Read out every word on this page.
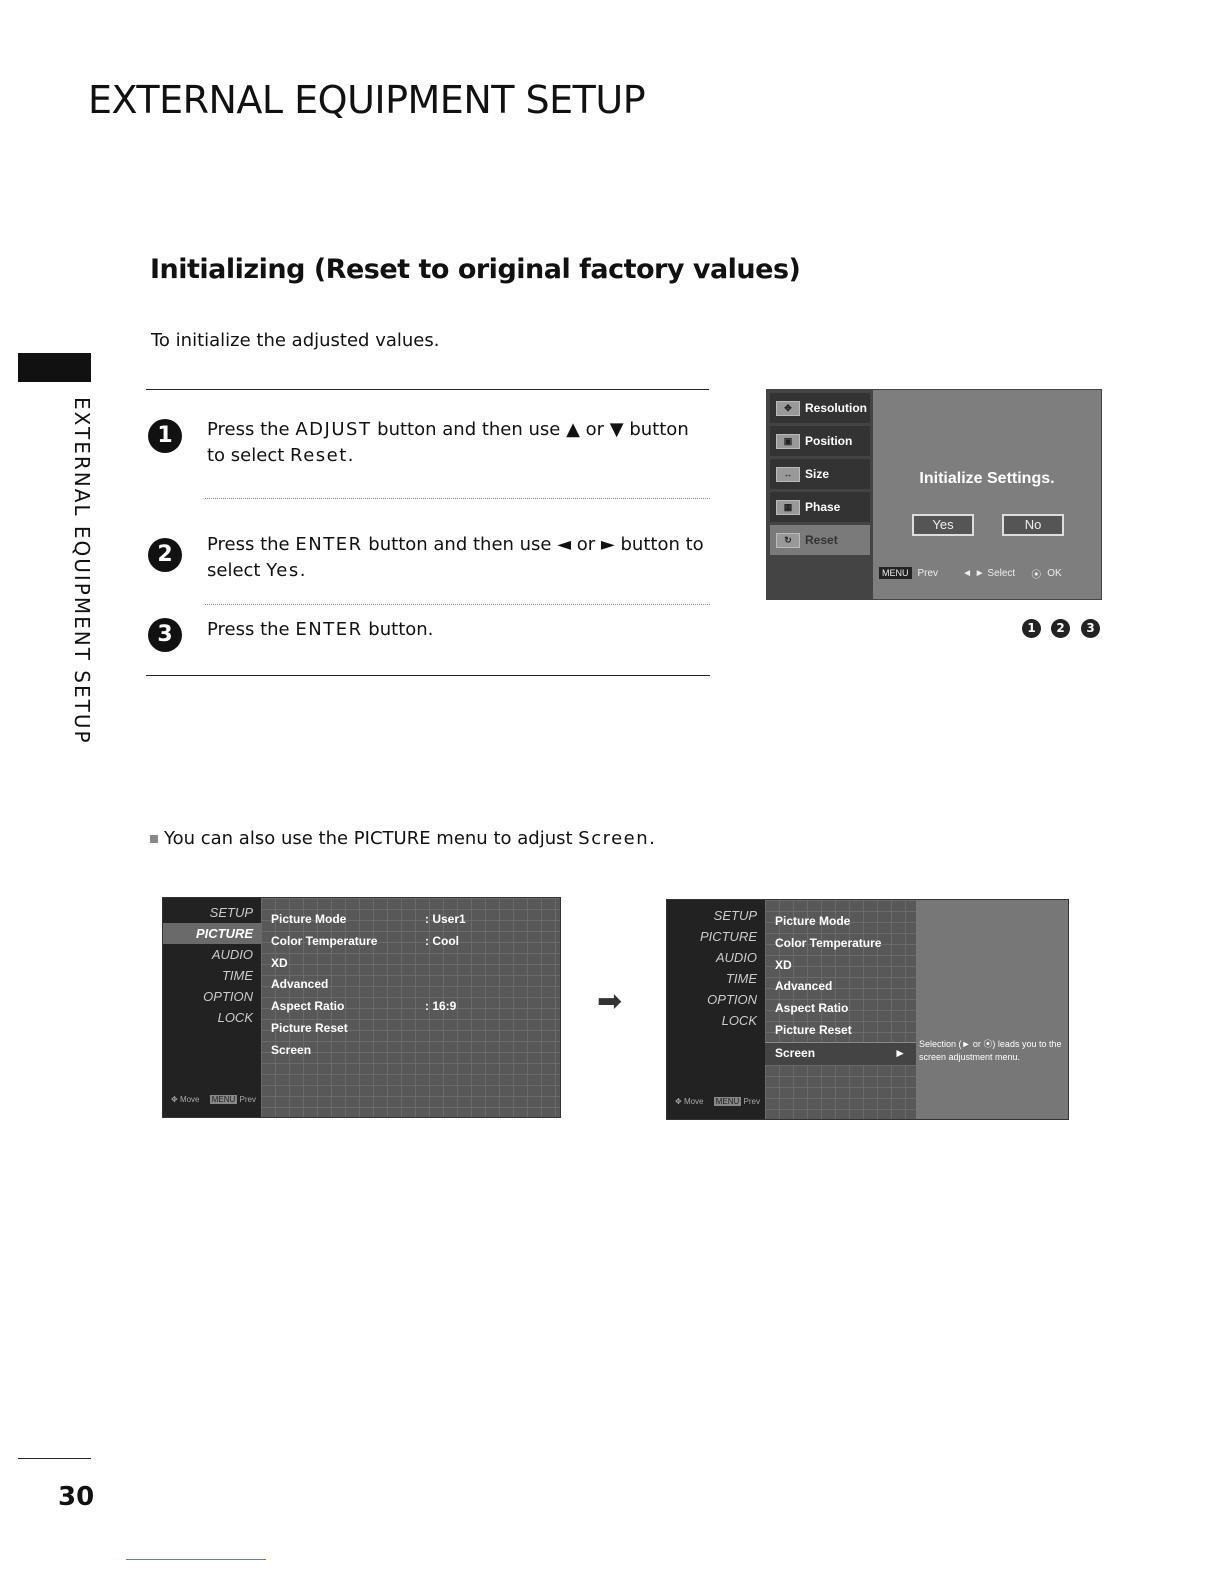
EXTERNAL EQUIPMENT SETUP
EXTERNAL EQUIPMENT SETUP
Initializing (Reset to original factory values)
To initialize the adjusted values.
1	Press the ADJUST button and then use ▲ or ▼ button to select Reset.
2	Press the ENTER button and then use ◄ or ► button to select Yes.
3	Press the ENTER button.
✥	Resolution
▣	Position
↔	Size
▦	Phase
↻	Reset
Initialize Settings.
Yes	No
MENU Prev ◄ ► Select ⦿ OK
1	2	3
You can also use the PICTURE menu to adjust Screen.
SETUP
PICTURE
AUDIO
TIME
OPTION
LOCK
✥ Move MENU Prev
Picture Mode	: User1
Color Temperature	: Cool
XD
Advanced
Aspect Ratio	: 16:9
Picture Reset
Screen
➡
SETUP
PICTURE
AUDIO
TIME
OPTION
LOCK
✥ Move MENU Prev
Picture Mode
Color Temperature
XD
Advanced
Aspect Ratio
Picture Reset
Screen	►
Selection (► or ⦿) leads you to the screen adjustment menu.
30
